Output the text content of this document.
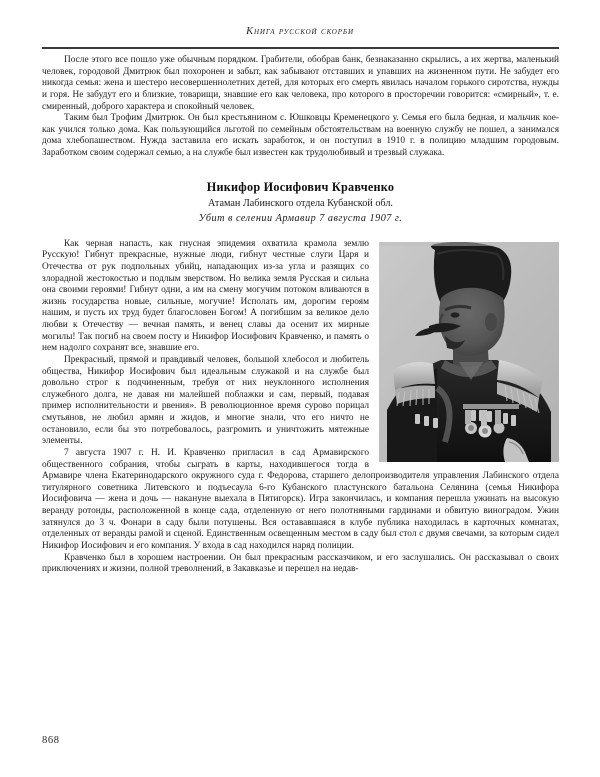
Книга русской скорби

После этого все пошло уже обычным порядком. Грабители, обобрав банк, безнаказанно скрылись, а их жертва, маленький человек, городовой Дмитрюк был похоронен и забыт, как забывают отставших и упавших на жизненном пути. Не забудет его никогда семья: жена и шестеро несовершеннолетних детей, для которых его смерть явилась началом горького сиротства, нужды и горя. Не забудут его и близкие, товарищи, знавшие его как человека, про которого в просторечии говорится: «смирный», т. е. смиренный, доброго характера и спокойный человек.

Таким был Трофим Дмитрюк. Он был крестьянином с. Юшковцы Кременецкого у. Семья его была бедная, и мальчик кое-как учился только дома. Как пользующийся льготой по семейным обстоятельствам на военную службу не пошел, а занимался дома хлебопашеством. Нужда заставила его искать заработок, и он поступил в 1910 г. в полицию младшим городовым. Заработком своим содержал семью, а на службе был известен как трудолюбивый и трезвый служака.

Никифор Иосифович Кравченко
Атаман Лабинского отдела Кубанской обл.
Убит в селении Армавир 7 августа 1907 г.

Как черная напасть, как гнусная эпидемия охватила крамола землю Русскую! Гибнут прекрасные, нужные люди, гибнут честные слуги Царя и Отечества от рук подпольных убийц, нападающих из-за угла и разящих со злорадной жестокостью и подлым зверством. Но велика земля Русская и сильна она своими героями! Гибнут одни, а им на смену могучим потоком вливаются в жизнь государства новые, сильные, могучие! Исполать им, дорогим героям нашим, и пусть их труд будет благословен Богом! А погибшим за великое дело любви к Отечеству — вечная память, и венец славы да осенит их мирные могилы! Так погиб на своем посту и Никифор Иосифович Кравченко, и память о нем надолго сохранят все, знавшие его.

Прекрасный, прямой и правдивый человек, большой хлебосол и любитель общества, Никифор Иосифович был идеальным служакой и на службе был довольно строг к подчиненным, требуя от них неуклонного исполнения служебного долга, не давая ни малейшей поблажки и сам, первый, подавая пример исполнительности и рвения». В революционное время сурово порицал смутьянов, не любил армян и жидов, и многие знали, что его ничто не остановило, если бы это потребовалось, разгромить и уничтожить мятежные элементы.

7 августа 1907 г. Н. И. Кравченко пригласил в сад Армавирского общественного собрания, чтобы сыграть в карты, находившегося тогда в Армавире члена Екатеринодарского окружного суда г. Федорова, старшего делопроизводителя управления Лабинского отдела титулярного советника Литевского и подъесаула 6-го Кубанского пластунского батальона Селянина (семья Никифора Иосифовича — жена и дочь — накануне выехала в Пятигорск). Игра закончилась, и компания перешла ужинать на высокую веранду ротонды, расположенной в конце сада, отделенную от него полотняными гардинами и обвитую виноградом. Ужин затянулся до 3 ч. Фонари в саду были потушены. Вся остававшаяся в клубе публика находилась в карточных комнатах, отделенных от веранды рамой и сценой. Единственным освещенным местом в саду был стол с двумя свечами, за которым сидел Никифор Иосифович и его компания. У входа в сад находился наряд полиции.

Кравченко был в хорошем настроении. Он был прекрасным рассказчиком, и его заслушались. Он рассказывал о своих приключениях и жизни, полной треволнений, в Закавказье и перешел на недав-

868
